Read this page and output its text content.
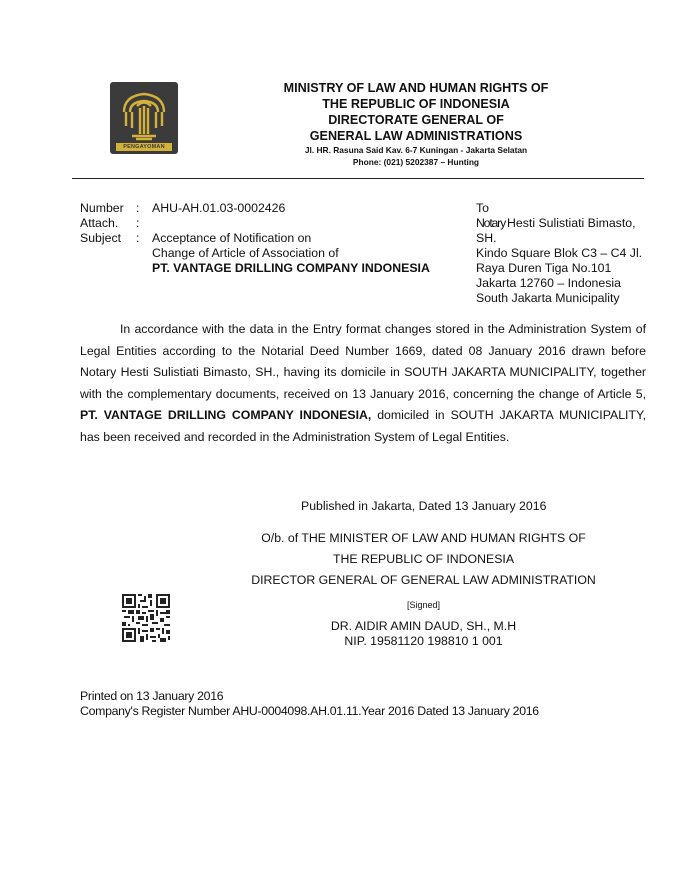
PENGAYOMAN
MINISTRY OF LAW AND HUMAN RIGHTS OF
THE REPUBLIC OF INDONESIA
DIRECTORATE GENERAL OF
GENERAL LAW ADMINISTRATIONS
Jl. HR. Rasuna Said Kav. 6-7 Kuningan - Jakarta Selatan
Phone: (021) 5202387 – Hunting
Number :	AHU-AH.01.03-0002426
Attach.	:
Subject	:	Acceptance of Notification on
Change of Article of Association of
PT. VANTAGE DRILLING COMPANY INDONESIA
To
Notary Hesti Sulistiati Bimasto,
SH.
Kindo Square Blok C3 – C4 Jl.
Raya Duren Tiga No.101
Jakarta 12760 – Indonesia
South Jakarta Municipality
In accordance with the data in the Entry format changes stored in the Administration System of Legal Entities according to the Notarial Deed Number 1669, dated 08 January 2016 drawn before Notary Hesti Sulistiati Bimasto, SH., having its domicile in SOUTH JAKARTA MUNICIPALITY, together with the complementary documents, received on 13 January 2016, concerning the change of Article 5, PT. VANTAGE DRILLING COMPANY INDONESIA, domiciled in SOUTH JAKARTA MUNICIPALITY, has been received and recorded in the Administration System of Legal Entities.
Published in Jakarta, Dated 13 January 2016
O/b. of THE MINISTER OF LAW AND HUMAN RIGHTS OF
THE REPUBLIC OF INDONESIA
DIRECTOR GENERAL OF GENERAL LAW ADMINISTRATION
[Signed]
DR. AIDIR AMIN DAUD, SH., M.H
NIP. 19581120 198810 1 001
Printed on 13 January 2016
Company's Register Number AHU-0004098.AH.01.11.Year 2016 Dated 13 January 2016
